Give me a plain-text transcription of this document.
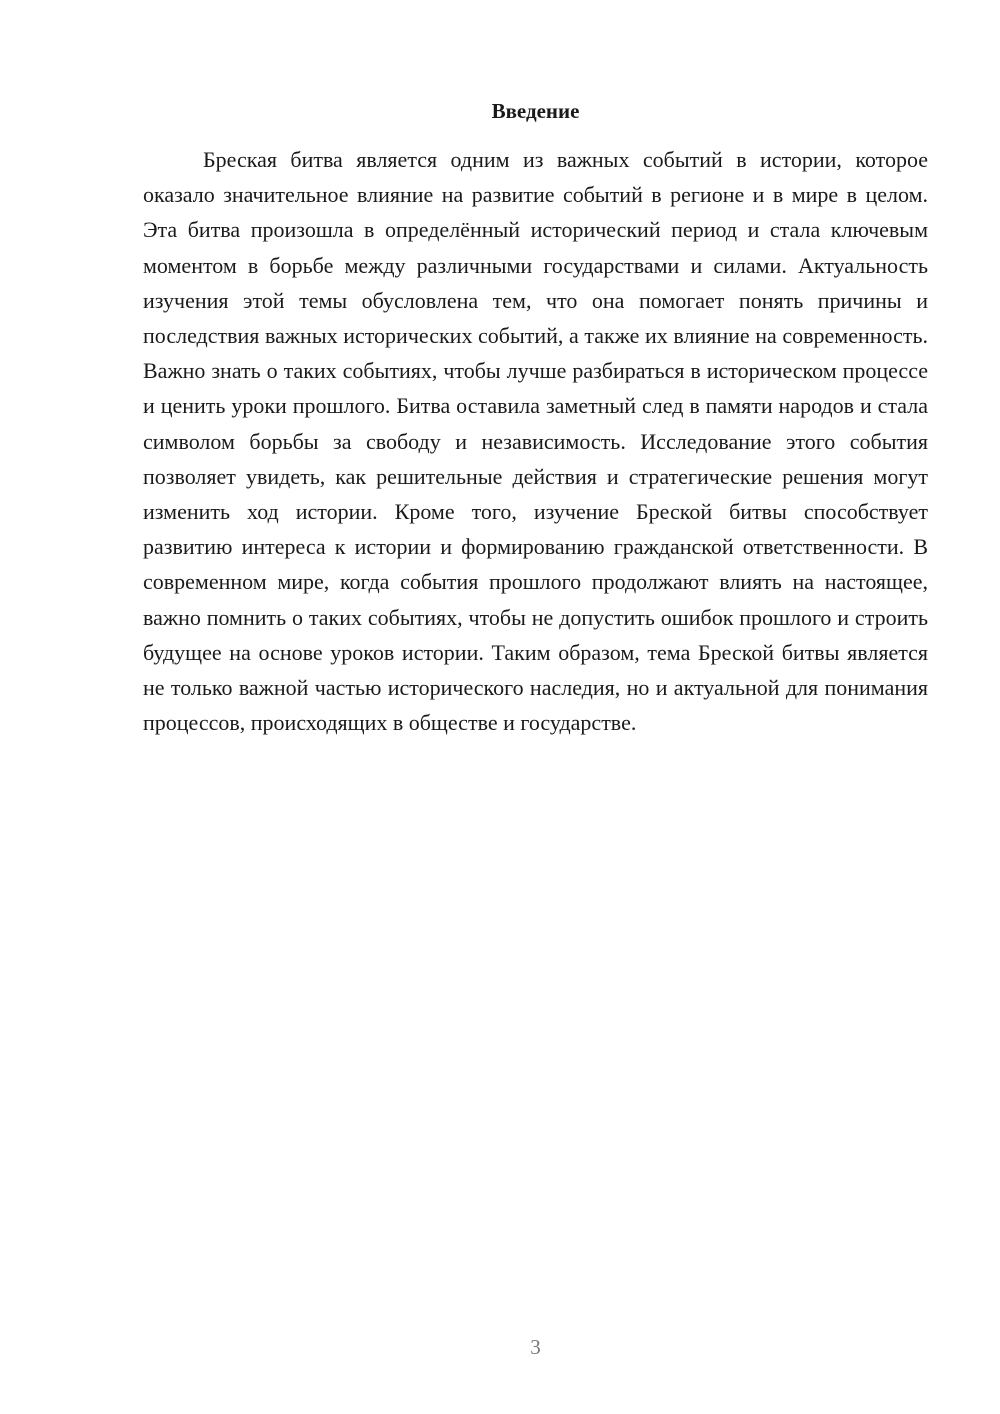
Введение

Бреская битва является одним из важных событий в истории, которое оказало значительное влияние на развитие событий в регионе и в мире в целом. Эта битва произошла в определённый исторический период и стала ключевым моментом в борьбе между различными государствами и силами. Актуальность изучения этой темы обусловлена тем, что она помогает понять причины и последствия важных исторических событий, а также их влияние на современность. Важно знать о таких событиях, чтобы лучше разбираться в историческом процессе и ценить уроки прошлого. Битва оставила заметный след в памяти народов и стала символом борьбы за свободу и независимость. Исследование этого события позволяет увидеть, как решительные действия и стратегические решения могут изменить ход истории. Кроме того, изучение Бреской битвы способствует развитию интереса к истории и формированию гражданской ответственности. В современном мире, когда события прошлого продолжают влиять на настоящее, важно помнить о таких событиях, чтобы не допустить ошибок прошлого и строить будущее на основе уроков истории. Таким образом, тема Бреской битвы является не только важной частью исторического наследия, но и актуальной для понимания процессов, происходящих в обществе и государстве.

3
